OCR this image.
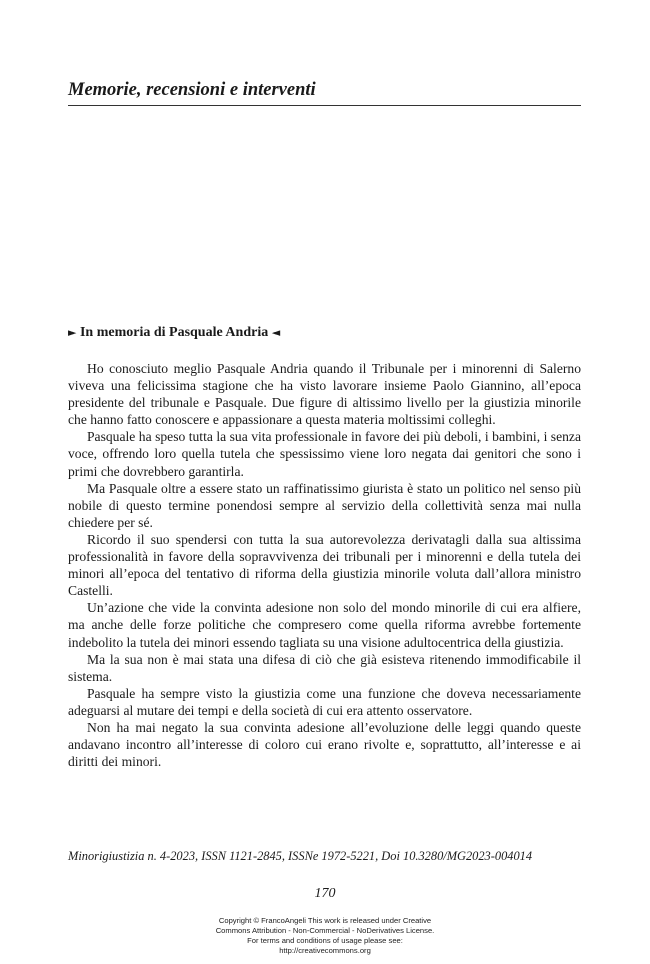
Memorie, recensioni e interventi
► In memoria di Pasquale Andria ◄

Ho conosciuto meglio Pasquale Andria quando il Tribunale per i minorenni di Salerno viveva una felicissima stagione che ha visto lavorare insieme Paolo Giannino, all’epoca presidente del tribunale e Pasquale. Due figure di altissimo livello per la giustizia minorile che hanno fatto conoscere e appassionare a questa materia moltissimi colleghi.

Pasquale ha speso tutta la sua vita professionale in favore dei più deboli, i bambini, i senza voce, offrendo loro quella tutela che spessissimo viene loro negata dai genitori che sono i primi che dovrebbero garantirla.

Ma Pasquale oltre a essere stato un raffinatissimo giurista è stato un politico nel senso più nobile di questo termine ponendosi sempre al servizio della collettività senza mai nulla chiedere per sé.

Ricordo il suo spendersi con tutta la sua autorevolezza derivatagli dalla sua altissima professionalità in favore della sopravvivenza dei tribunali per i minorenni e della tutela dei minori all’epoca del tentativo di riforma della giustizia minorile voluta dall’allora ministro Castelli.

Un’azione che vide la convinta adesione non solo del mondo minorile di cui era alfiere, ma anche delle forze politiche che compresero come quella riforma avrebbe fortemente indebolito la tutela dei minori essendo tagliata su una visione adultocentrica della giustizia.

Ma la sua non è mai stata una difesa di ciò che già esisteva ritenendo immodificabile il sistema.

Pasquale ha sempre visto la giustizia come una funzione che doveva necessariamente adeguarsi al mutare dei tempi e della società di cui era attento osservatore.

Non ha mai negato la sua convinta adesione all’evoluzione delle leggi quando queste andavano incontro all’interesse di coloro cui erano rivolte e, soprattutto, all’interesse e ai diritti dei minori.

Minorigiustizia n. 4-2023, ISSN 1121-2845, ISSNe 1972-5221, Doi 10.3280/MG2023-004014
170
Copyright © FrancoAngeli This work is released under Creative
Commons Attribution - Non-Commercial - NoDerivatives License.
For terms and conditions of usage please see:
http://creativecommons.org
